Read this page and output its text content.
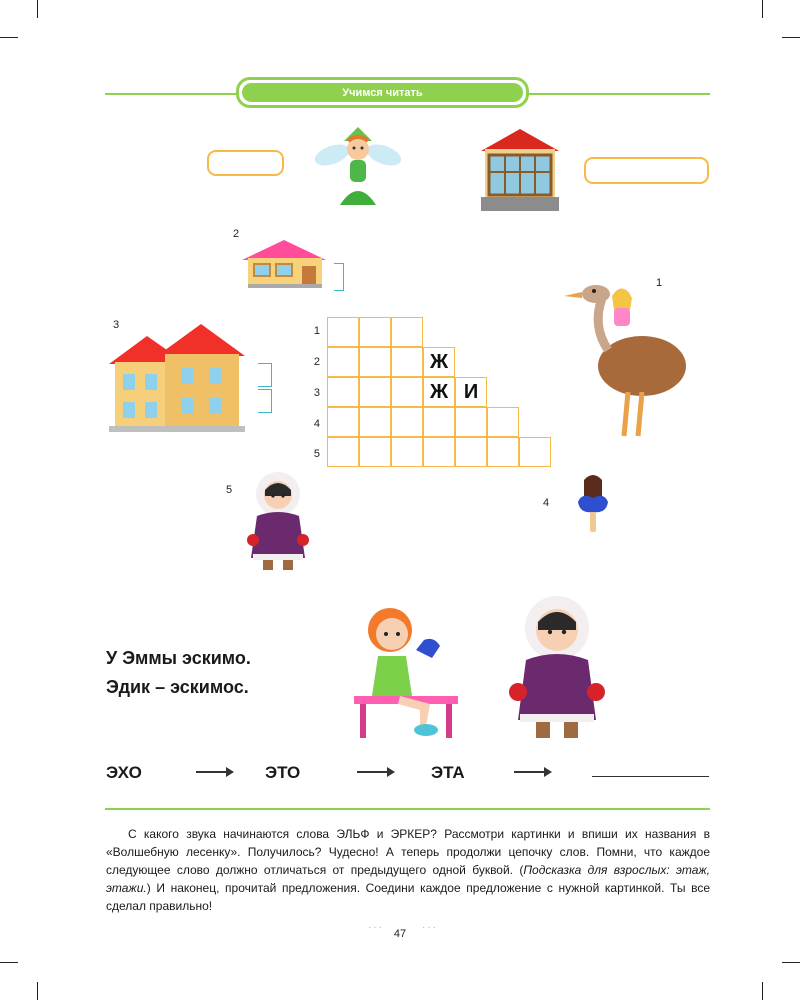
Учимся читать
2
1
3	1
2
3
4
5
Ж
Ж И
5
4
У Эммы эскимо.
Эдик – эскимос.
ЭХО	ЭТО	ЭТА
С какого звука начинаются слова ЭЛЬФ и ЭРКЕР? Рассмотри картинки и впиши их названия в «Волшебную лесенку». Получилось? Чудесно! А теперь продолжи цепочку слов. Помни, что каждое следующее слово должно отличаться от предыдущего одной буквой. (Подсказка для взрослых: этаж, этажи.) И наконец, прочитай предложения. Соедини каждое предложение с нужной картинкой. Ты все сделал правильно!
···
47
···
